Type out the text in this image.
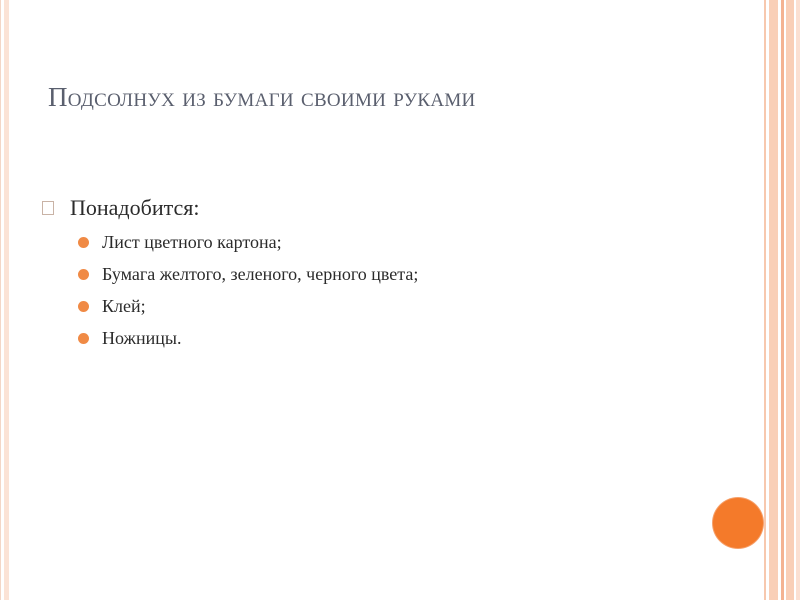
Подсолнух из бумаги своими руками
Понадобится:
Лист цветного картона;
Бумага желтого, зеленого, черного цвета;
Клей;
Ножницы.
